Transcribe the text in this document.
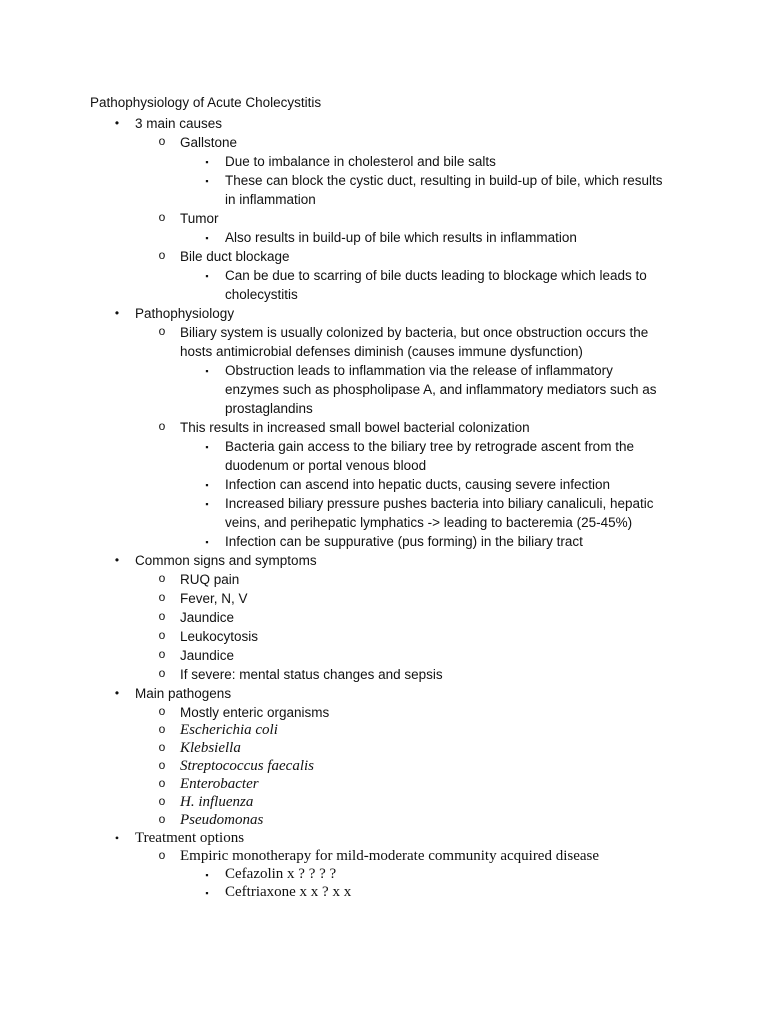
Pathophysiology of Acute Cholecystitis
• 3 main causes
o Gallstone
▪ Due to imbalance in cholesterol and bile salts
▪ These can block the cystic duct, resulting in build-up of bile, which results
in inflammation
o Tumor
▪ Also results in build-up of bile which results in inflammation
o Bile duct blockage
▪ Can be due to scarring of bile ducts leading to blockage which leads to
cholecystitis
• Pathophysiology
o Biliary system is usually colonized by bacteria, but once obstruction occurs the
hosts antimicrobial defenses diminish (causes immune dysfunction)
▪ Obstruction leads to inflammation via the release of inflammatory
enzymes such as phospholipase A, and inflammatory mediators such as
prostaglandins
o This results in increased small bowel bacterial colonization
▪ Bacteria gain access to the biliary tree by retrograde ascent from the
duodenum or portal venous blood
▪ Infection can ascend into hepatic ducts, causing severe infection
▪ Increased biliary pressure pushes bacteria into biliary canaliculi, hepatic
veins, and perihepatic lymphatics -> leading to bacteremia (25-45%)
▪ Infection can be suppurative (pus forming) in the biliary tract
• Common signs and symptoms
o RUQ pain
o Fever, N, V
o Jaundice
o Leukocytosis
o Jaundice
o If severe: mental status changes and sepsis
• Main pathogens
o Mostly enteric organisms
o Escherichia coli
o Klebsiella
o Streptococcus faecalis
o Enterobacter
o H. influenza
o Pseudomonas
• Treatment options
o Empiric monotherapy for mild-moderate community acquired disease
▪ Cefazolin x ? ? ? ?
▪ Ceftriaxone x x ? x x
